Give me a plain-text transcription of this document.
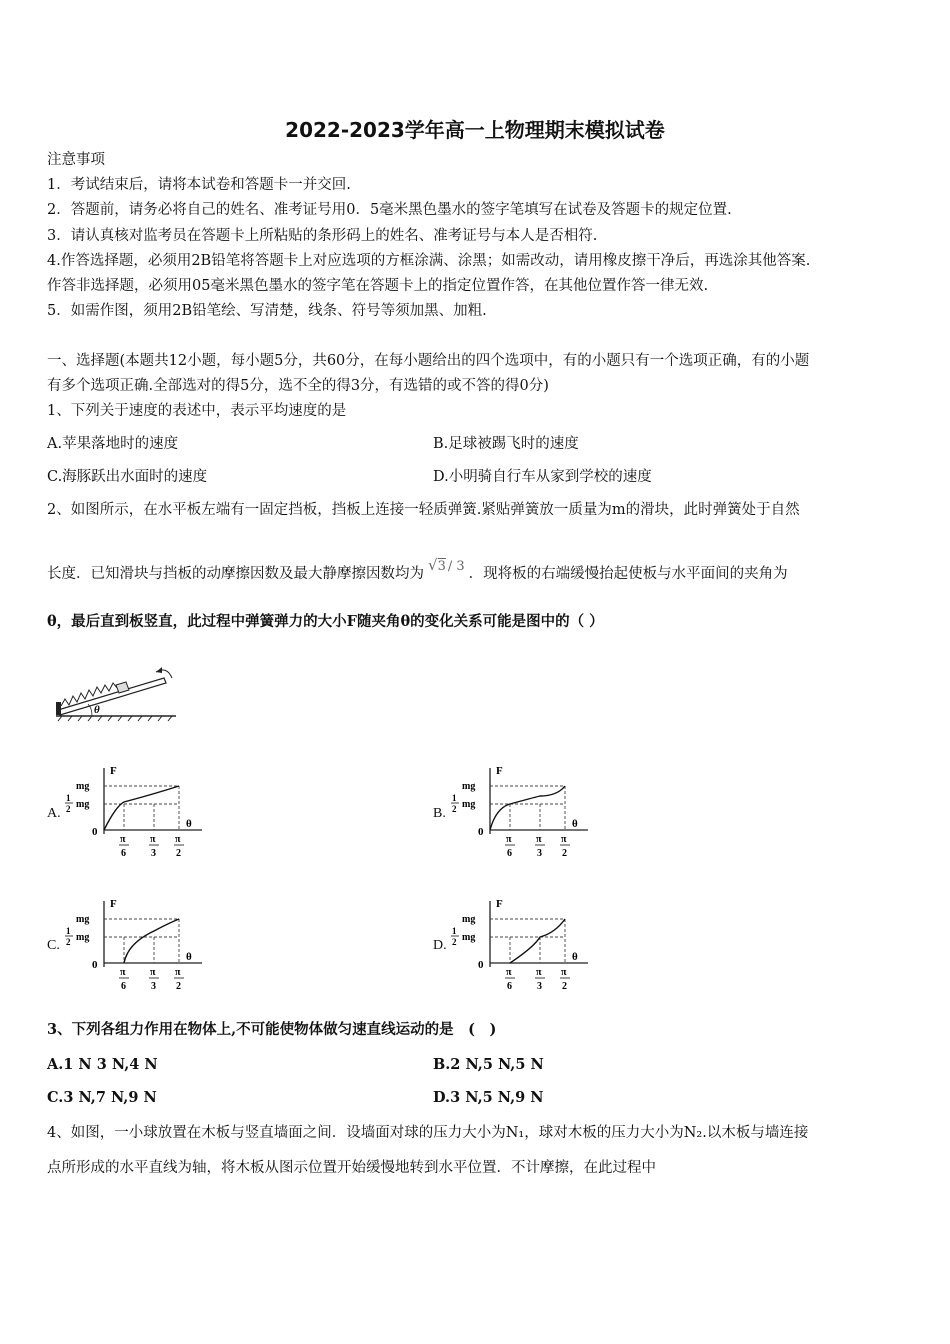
2022-2023学年高一上物理期末模拟试卷
注意事项
1．考试结束后，请将本试卷和答题卡一并交回.
2．答题前，请务必将自己的姓名、准考证号用0．5毫米黑色墨水的签字笔填写在试卷及答题卡的规定位置.
3．请认真核对监考员在答题卡上所粘贴的条形码上的姓名、准考证号与本人是否相符.
4.作答选择题，必须用2B铅笔将答题卡上对应选项的方框涂满、涂黑；如需改动，请用橡皮擦干净后，再选涂其他答案.
作答非选择题，必须用05毫米黑色墨水的签字笔在答题卡上的指定位置作答，在其他位置作答一律无效.
5．如需作图，须用2B铅笔绘、写清楚，线条、符号等须加黑、加粗.
一、选择题(本题共12小题，每小题5分，共60分，在每小题给出的四个选项中，有的小题只有一个选项正确，有的小题
有多个选项正确.全部选对的得5分，选不全的得3分，有选错的或不答的得0分)
1、下列关于速度的表述中，表示平均速度的是
A.苹果落地时的速度	B.足球被踢飞时的速度
C.海豚跃出水面时的速度	D.小明骑自行车从家到学校的速度
2、如图所示，在水平板左端有一固定挡板，挡板上连接一轻质弹簧.紧贴弹簧放一质量为m的滑块，此时弹簧处于自然
长度．已知滑块与挡板的动摩擦因数及最大静摩擦因数均为 √3 / 3 ．现将板的右端缓慢抬起使板与水平面间的夹角为
θ，最后直到板竖直，此过程中弹簧弹力的大小F随夹角θ的变化关系可能是图中的（ ）
θ
A.
F
mg
1
2 mg
0
θ
π
6
π
3
π
2
B.
F
mg
1
2 mg
0
θ
π
6
π
3
π
2
C.
F
mg
1
2 mg
0
θ
π
6
π
3
π
2
D.
F
mg
1
2 mg
0
θ
π
6
π
3
π
2
3、下列各组力作用在物体上,不可能使物体做匀速直线运动的是　(　)
A.1 N 3 N,4 N	B.2 N,5 N,5 N
C.3 N,7 N,9 N	D.3 N,5 N,9 N
4、如图，一小球放置在木板与竖直墙面之间．设墙面对球的压力大小为N₁，球对木板的压力大小为N₂.以木板与墙连接
点所形成的水平直线为轴，将木板从图示位置开始缓慢地转到水平位置．不计摩擦，在此过程中
